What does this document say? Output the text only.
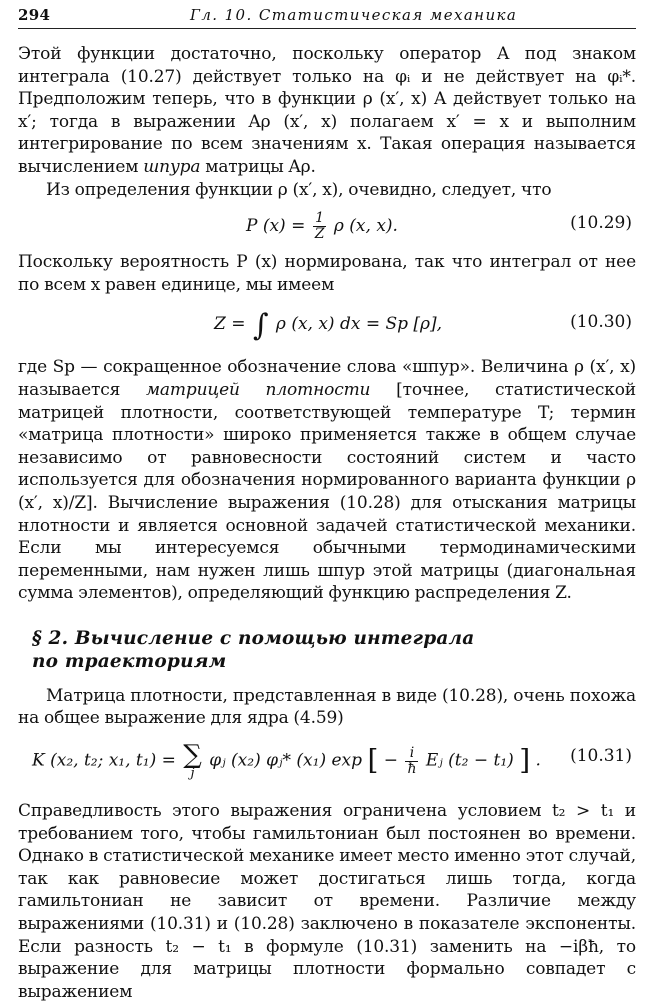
294	Гл. 10. Статистическая механика

Этой функции достаточно, поскольку оператор A под знаком интеграла (10.27) действует только на φᵢ и не действует на φᵢ*. Предположим теперь, что в функции ρ (x′, x) A действует только на x′; тогда в выражении Aρ (x′, x) полагаем x′ = x и выполним интегрирование по всем значениям x. Такая операция называется вычислением шпура матрицы Aρ.

Из определения функции ρ (x′, x), очевидно, следует, что

P $(x) = \frac{1}{Z}$ ρ (x, x).	(10.29)

Поскольку вероятность P (x) нормирована, так что интеграл от нее по всем x равен единице, мы имеем

Z = ∫ ρ (x, x) dx = Sp [ρ],	(10.30)

где Sp — сокращенное обозначение слова «шпур». Величина ρ (x′, x) называется матрицей плотности [точнее, статистической матрицей плотности, соответствующей температуре T; термин «матрица плотности» широко применяется также в общем случае независимо от равновесности состояний систем и часто используется для обозначения нормированного варианта функции ρ (x′, x)/Z]. Вычисление выражения (10.28) для отыскания матрицы нлотности и является основной задачей статистической механики. Если мы интересуемся обычными термодинамическими переменными, нам нужен лишь шпур этой матрицы (диагональная сумма элементов), определяющий функцию распределения Z.

§ 2. Вычисление с помощью интеграла
по траекториям

Матрица плотности, представленная в виде (10.28), очень похожа на общее выражение для ядра (4.59)

K (x₂, t₂; x₁, t₁) = ∑
j
φⱼ (x₂) φⱼ* (x₁) exp [ − $\frac{i}{ħ}$ Eⱼ (t₂ − t₁) ] . (10.31)

Справедливость этого выражения ограничена условием t₂ > t₁ и требованием того, чтобы гамильтониан был постоянен во времени. Однако в статистической механике имеет место именно этот случай, так как равновесие может достигаться лишь тогда, когда гамильтониан не зависит от времени. Различие между выражениями (10.31) и (10.28) заключено в показателе экспоненты. Если разность t₂ − t₁ в формуле (10.31) заменить на −iβħ, то выражение для матрицы плотности формально совпадет с выражением
